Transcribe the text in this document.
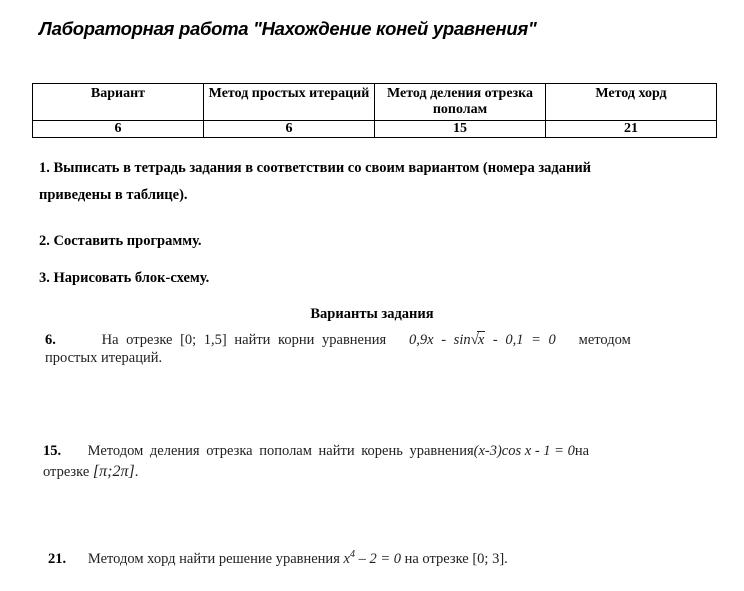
Лабораторная работа "Нахождение коней уравнения"
Вариант	Метод простых итераций	Метод деления отрезка пополам	Метод хорд
6	6	15	21
1. Выписать в тетрадь задания в соответствии со своим вариантом (номера заданий
приведены в таблице).
2. Составить программу.
3. Нарисовать блок-схему.
Варианты задания
6.	На отрезке [0; 1,5] найти корни уравнения 0,9x - sin√x - 0,1 = 0 методом
простых итераций.
15. Методом деления отрезка пополам найти корень уравнения(x-3)cos x - 1 = 0на
отрезке [π;2π].
21. Методом хорд найти решение уравнения $x^4 - 2 = 0$ на отрезке [0; 3].
